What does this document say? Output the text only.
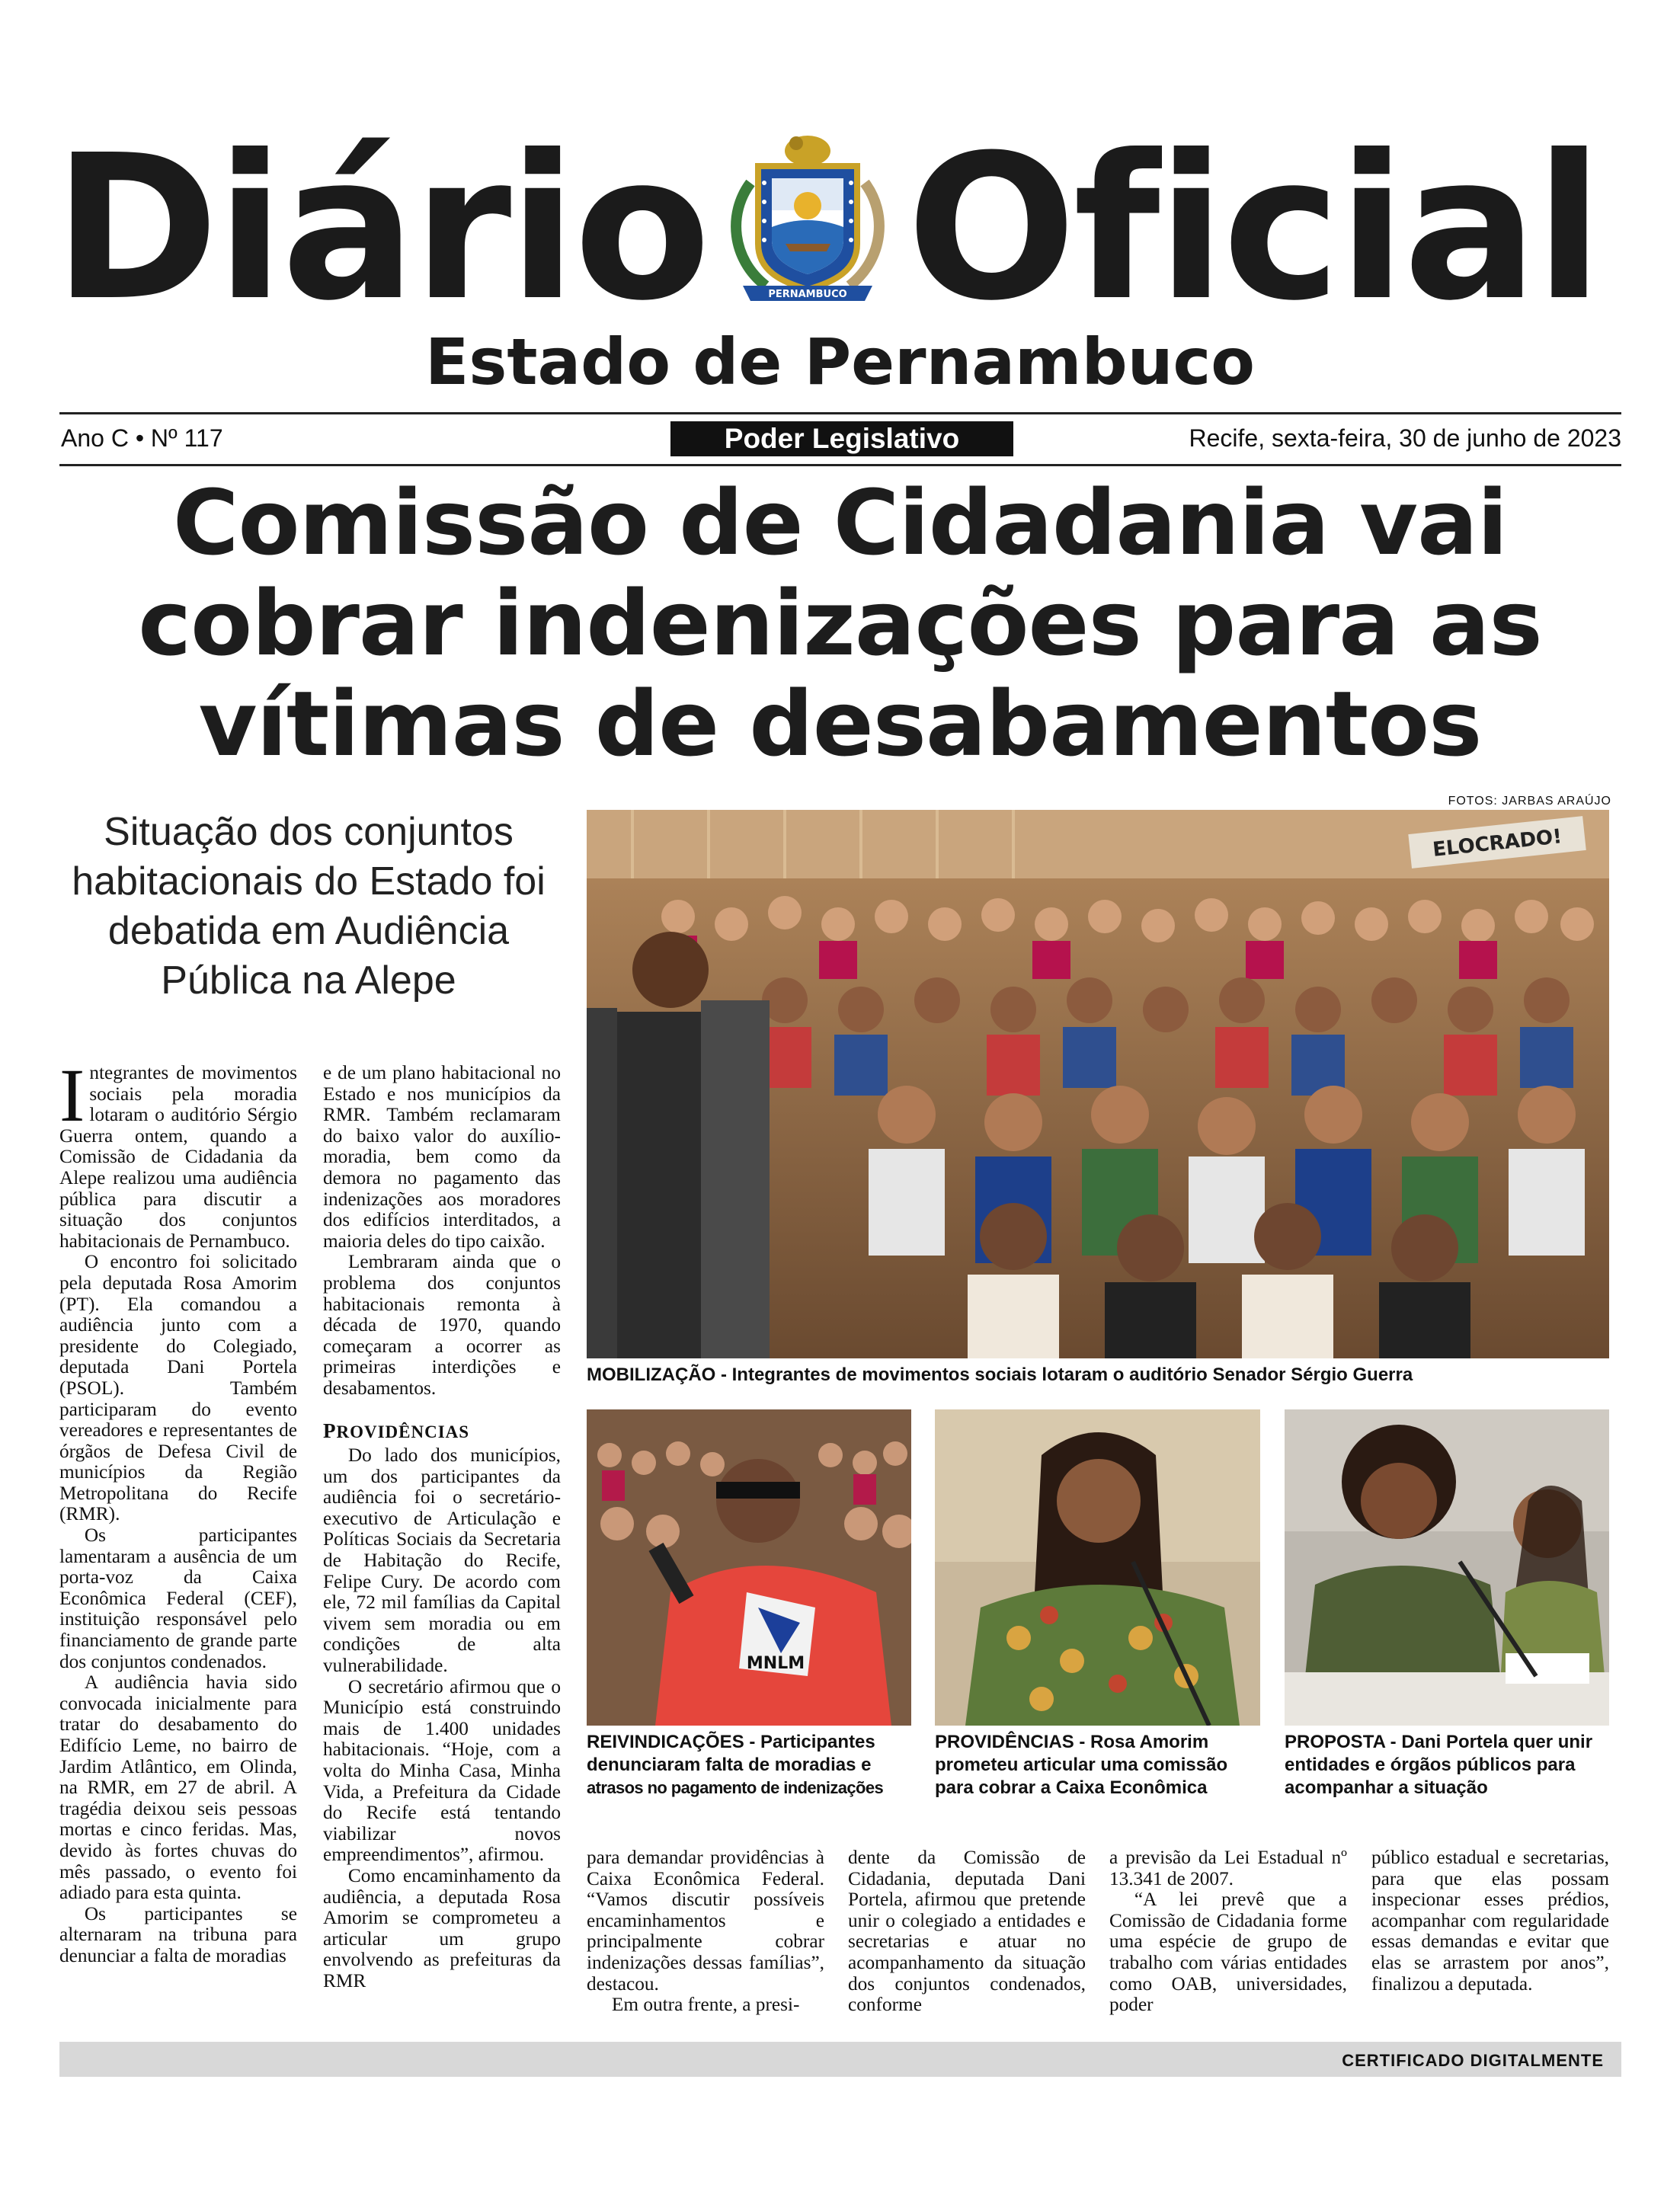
Diário Oficial
PERNAMBUCO
Estado de Pernambuco
Ano C • Nº 117	Poder Legislativo	Recife, sexta-feira, 30 de junho de 2023
Comissão de Cidadania vai
cobrar indenizações para as
vítimas de desabamentos
Situação dos conjuntos
habitacionais do Estado foi
debatida em Audiência
Pública na Alepe
FOTOS: JARBAS ARAÚJO
ELOCRADO!
MOBILIZAÇÃO - Integrantes de movimentos sociais lotaram o auditório Senador Sérgio Guerra
MNLM
REIVINDICAÇÕES - Participantes
denunciaram falta de moradias e
atrasos no pagamento de indenizações
PROVIDÊNCIAS - Rosa Amorim
prometeu articular uma comissão
para cobrar a Caixa Econômica
PROPOSTA - Dani Portela quer unir
entidades e órgãos públicos para
acompanhar a situação

Integrantes de movimentos sociais pela moradia lotaram o auditório Sérgio Guerra ontem, quando a Comissão de Cidadania da Alepe realizou uma audiência pública para discutir a situação dos conjuntos habitacionais de Pernambuco.

O encontro foi solicitado pela deputada Rosa Amorim (PT). Ela comandou a audiência junto com a presidente do Colegiado, deputada Dani Portela (PSOL). Também participaram do evento vereadores e representantes de órgãos de Defesa Civil de municípios da Região Metropolitana do Recife (RMR).

Os participantes lamentaram a ausência de um porta-voz da Caixa Econômica Federal (CEF), instituição responsável pelo financiamento de grande parte dos conjuntos condenados.

A audiência havia sido convocada inicialmente para tratar do desabamento do Edifício Leme, no bairro de Jardim Atlântico, em Olinda, na RMR, em 27 de abril. A tragédia deixou seis pessoas mortas e cinco feridas. Mas, devido às fortes chuvas do mês passado, o evento foi adiado para esta quinta.

Os participantes se alternaram na tribuna para denunciar a falta de moradias

e de um plano habitacional no Estado e nos municípios da RMR. Também reclamaram do baixo valor do auxílio-moradia, bem como da demora no pagamento das indenizações aos moradores dos edifícios interditados, a maioria deles do tipo caixão.

Lembraram ainda que o problema dos conjuntos habitacionais remonta à década de 1970, quando começaram a ocorrer as primeiras interdições e desabamentos.

PROVIDÊNCIAS

Do lado dos municípios, um dos participantes da audiência foi o secretário-executivo de Articulação e Políticas Sociais da Secretaria de Habitação do Recife, Felipe Cury. De acordo com ele, 72 mil famílias da Capital vivem sem moradia ou em condições de alta vulnerabilidade.

O secretário afirmou que o Município está construindo mais de 1.400 unidades habitacionais. “Hoje, com a volta do Minha Casa, Minha Vida, a Prefeitura da Cidade do Recife está tentando viabilizar novos empreendimentos”, afirmou.

Como encaminhamento da audiência, a deputada Rosa Amorim se comprometeu a articular um grupo envolvendo as prefeituras da RMR

para demandar providências à Caixa Econômica Federal. “Vamos discutir possíveis encaminhamentos e principalmente cobrar indenizações dessas famílias”, destacou.

Em outra frente, a presi-

dente da Comissão de Cidadania, deputada Dani Portela, afirmou que pretende unir o colegiado a entidades e secretarias e atuar no acompanhamento da situação dos conjuntos condenados, conforme

a previsão da Lei Estadual nº 13.341 de 2007.

“A lei prevê que a Comissão de Cidadania forme uma espécie de grupo de trabalho com várias entidades como OAB, universidades, poder

público estadual e secretarias, para que elas possam inspecionar esses prédios, acompanhar com regularidade essas demandas e evitar que elas se arrastem por anos”, finalizou a deputada.

CERTIFICADO DIGITALMENTE
